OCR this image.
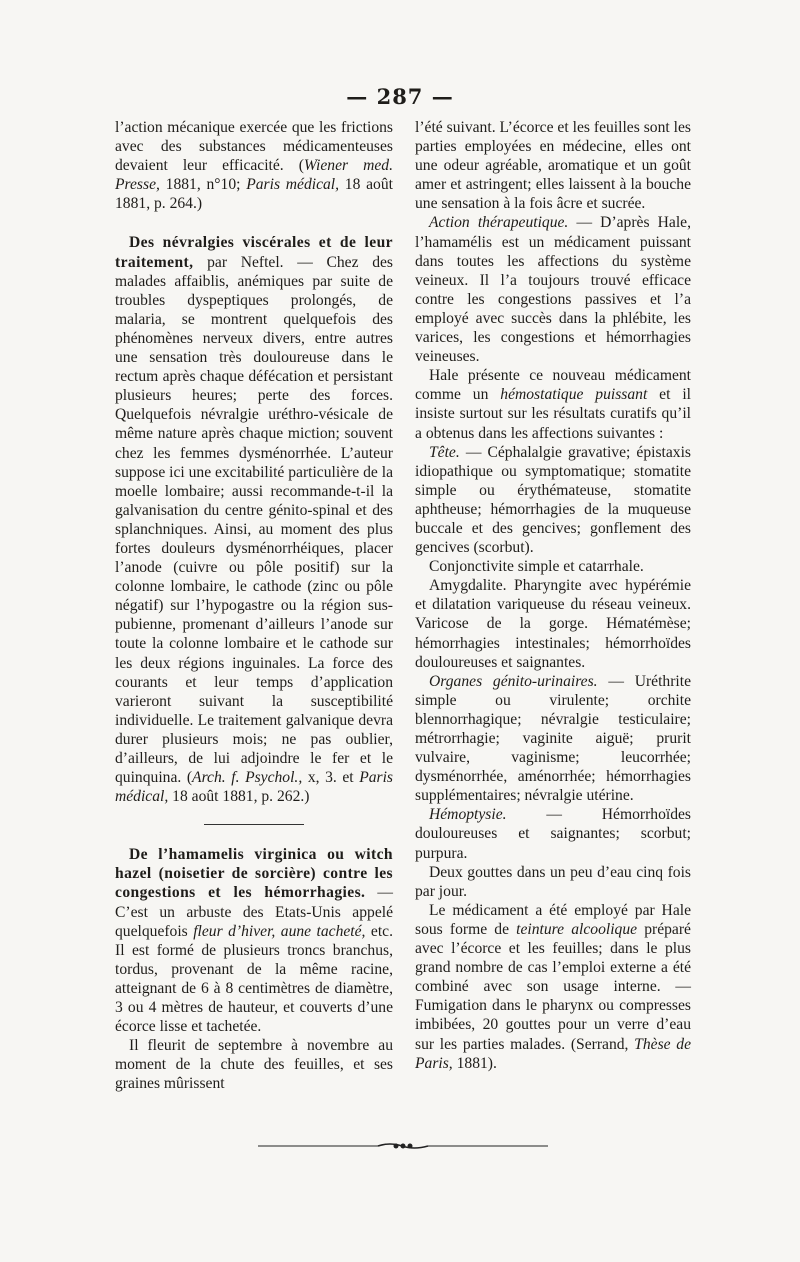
— 287 —

l’action mécanique exercée que les frictions avec des substances médicamenteuses devaient leur efficacité. (Wiener med. Presse, 1881, n°10; Paris médical, 18 août 1881, p. 264.)

Des névralgies viscérales et de leur traitement, par Neftel. — Chez des malades affaiblis, anémiques par suite de troubles dyspeptiques prolongés, de malaria, se montrent quelquefois des phénomènes nerveux divers, entre autres une sensation très douloureuse dans le rectum après chaque défécation et persistant plusieurs heures; perte des forces. Quelquefois névralgie uréthro-vésicale de même nature après chaque miction; souvent chez les femmes dysménorrhée. L’auteur suppose ici une excitabilité particulière de la moelle lombaire; aussi recommande-t-il la galvanisation du centre génito-spinal et des splanchniques. Ainsi, au moment des plus fortes douleurs dysménorrhéiques, placer l’anode (cuivre ou pôle positif) sur la colonne lombaire, le cathode (zinc ou pôle négatif) sur l’hypogastre ou la région sus-pubienne, promenant d’ailleurs l’anode sur toute la colonne lombaire et le cathode sur les deux régions inguinales. La force des courants et leur temps d’application varieront suivant la susceptibilité individuelle. Le traitement galvanique devra durer plusieurs mois; ne pas oublier, d’ailleurs, de lui adjoindre le fer et le quinquina. (Arch. f. Psychol., x, 3. et Paris médical, 18 août 1881, p. 262.)

De l’hamamelis virginica ou witch hazel (noisetier de sorcière) contre les congestions et les hémorrhagies. — C’est un arbuste des Etats-Unis appelé quelquefois fleur d’hiver, aune tacheté, etc. Il est formé de plusieurs troncs branchus, tordus, provenant de la même racine, atteignant de 6 à 8 centimètres de diamètre, 3 ou 4 mètres de hauteur, et couverts d’une écorce lisse et tachetée.

Il fleurit de septembre à novembre au moment de la chute des feuilles, et ses graines mûrissent

l’été suivant. L’écorce et les feuilles sont les parties employées en médecine, elles ont une odeur agréable, aromatique et un goût amer et astringent; elles laissent à la bouche une sensation à la fois âcre et sucrée.

Action thérapeutique. — D’après Hale, l’hamamélis est un médicament puissant dans toutes les affections du système veineux. Il l’a toujours trouvé efficace contre les congestions passives et l’a employé avec succès dans la phlébite, les varices, les congestions et hémorrhagies veineuses.

Hale présente ce nouveau médicament comme un hémostatique puissant et il insiste surtout sur les résultats curatifs qu’il a obtenus dans les affections suivantes :

Tête. — Céphalalgie gravative; épistaxis idiopathique ou symptomatique; stomatite simple ou érythémateuse, stomatite aphtheuse; hémorrhagies de la muqueuse buccale et des gencives; gonflement des gencives (scorbut).

Conjonctivite simple et catarrhale.

Amygdalite. Pharyngite avec hypérémie et dilatation variqueuse du réseau veineux. Varicose de la gorge. Hématémèse; hémorrhagies intestinales; hémorrhoïdes douloureuses et saignantes.

Organes génito-urinaires. — Uréthrite simple ou virulente; orchite blennorrhagique; névralgie testiculaire; métrorrhagie; vaginite aiguë; prurit vulvaire, vaginisme; leucorrhée; dysménorrhée, aménorrhée; hémorrhagies supplémentaires; névralgie utérine.

Hémoptysie. — Hémorrhoïdes douloureuses et saignantes; scorbut; purpura.

Deux gouttes dans un peu d’eau cinq fois par jour.

Le médicament a été employé par Hale sous forme de teinture alcoolique préparé avec l’écorce et les feuilles; dans le plus grand nombre de cas l’emploi externe a été combiné avec son usage interne. — Fumigation dans le pharynx ou compresses imbibées, 20 gouttes pour un verre d’eau sur les parties malades. (Serrand, Thèse de Paris, 1881).
